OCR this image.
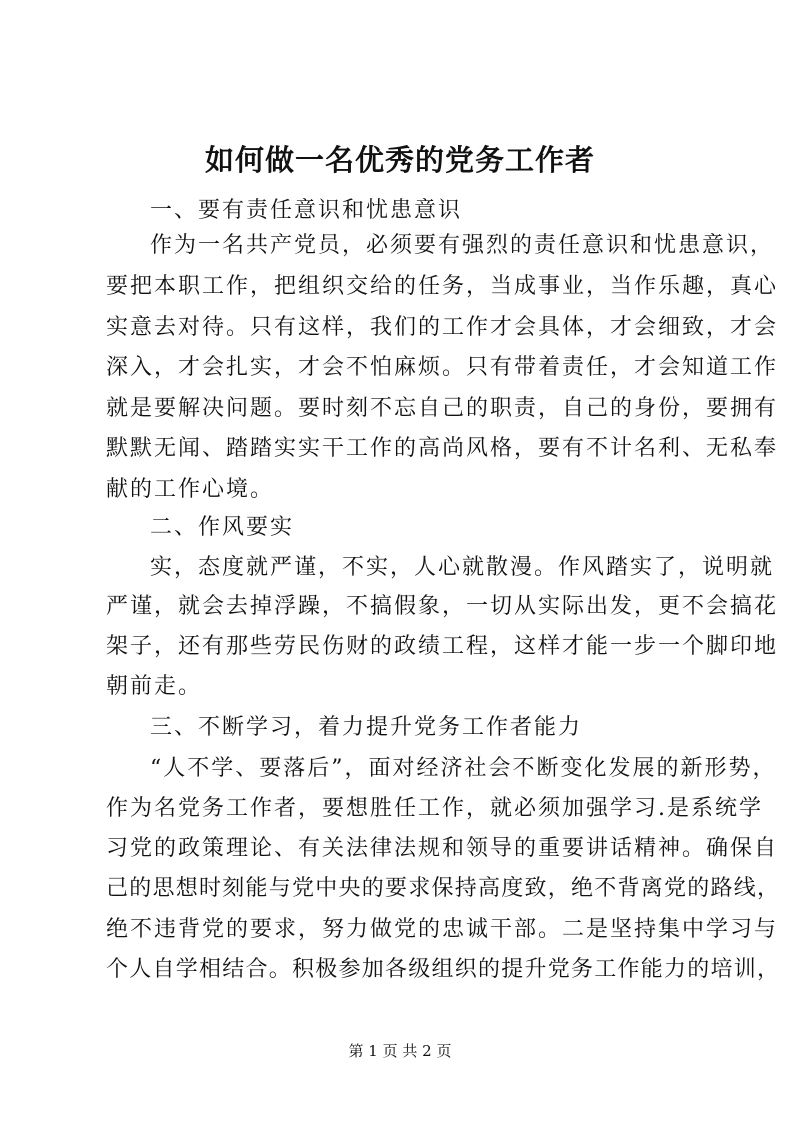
如何做一名优秀的党务工作者
一、要有责任意识和忧患意识
作为一名共产党员，必须要有强烈的责任意识和忧患意识，
要把本职工作，把组织交给的任务，当成事业，当作乐趣，真心
实意去对待。只有这样，我们的工作才会具体，才会细致，才会
深入，才会扎实，才会不怕麻烦。只有带着责任，才会知道工作
就是要解决问题。要时刻不忘自己的职责，自己的身份，要拥有
默默无闻、踏踏实实干工作的高尚风格，要有不计名利、无私奉
献的工作心境。
二、作风要实
实，态度就严谨，不实，人心就散漫。作风踏实了，说明就
严谨，就会去掉浮躁，不搞假象，一切从实际出发，更不会搞花
架子，还有那些劳民伤财的政绩工程，这样才能一步一个脚印地
朝前走。
三、不断学习，着力提升党务工作者能力
“人不学、要落后”，面对经济社会不断变化发展的新形势，
作为名党务工作者，要想胜任工作，就必须加强学习.是系统学
习党的政策理论、有关法律法规和领导的重要讲话精神。确保自
己的思想时刻能与党中央的要求保持高度致，绝不背离党的路线，
绝不违背党的要求，努力做党的忠诚干部。二是坚持集中学习与
个人自学相结合。积极参加各级组织的提升党务工作能力的培训，
第 1 页 共 2 页
